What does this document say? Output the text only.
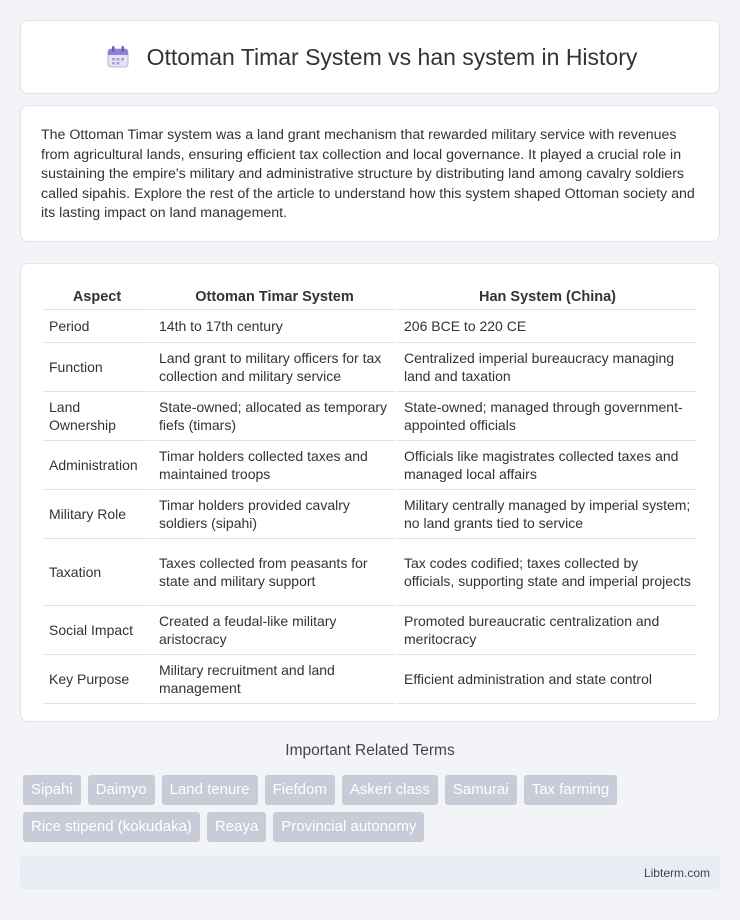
Ottoman Timar System vs han system in History

The Ottoman Timar system was a land grant mechanism that rewarded military service with revenues from agricultural lands, ensuring efficient tax collection and local governance. It played a crucial role in sustaining the empire's military and administrative structure by distributing land among cavalry soldiers called sipahis. Explore the rest of the article to understand how this system shaped Ottoman society and its lasting impact on land management.

Aspect	Ottoman Timar System	Han System (China)
Period	14th to 17th century	206 BCE to 220 CE
Function	Land grant to military officers for tax collection and military service	Centralized imperial bureaucracy managing land and taxation
Land Ownership	State-owned; allocated as temporary fiefs (timars)	State-owned; managed through government-appointed officials
Administration	Timar holders collected taxes and maintained troops	Officials like magistrates collected taxes and managed local affairs
Military Role	Timar holders provided cavalry soldiers (sipahi)	Military centrally managed by imperial system; no land grants tied to service
Taxation	Taxes collected from peasants for state and military support	Tax codes codified; taxes collected by officials, supporting state and imperial projects
Social Impact	Created a feudal-like military aristocracy	Promoted bureaucratic centralization and meritocracy
Key Purpose	Military recruitment and land management	Efficient administration and state control
Important Related Terms
Sipahi	Daimyo	Land tenure	Fiefdom	Askeri class	Samurai	Tax farming
Rice stipend (kokudaka)	Reaya	Provincial autonomy
Libterm.com
